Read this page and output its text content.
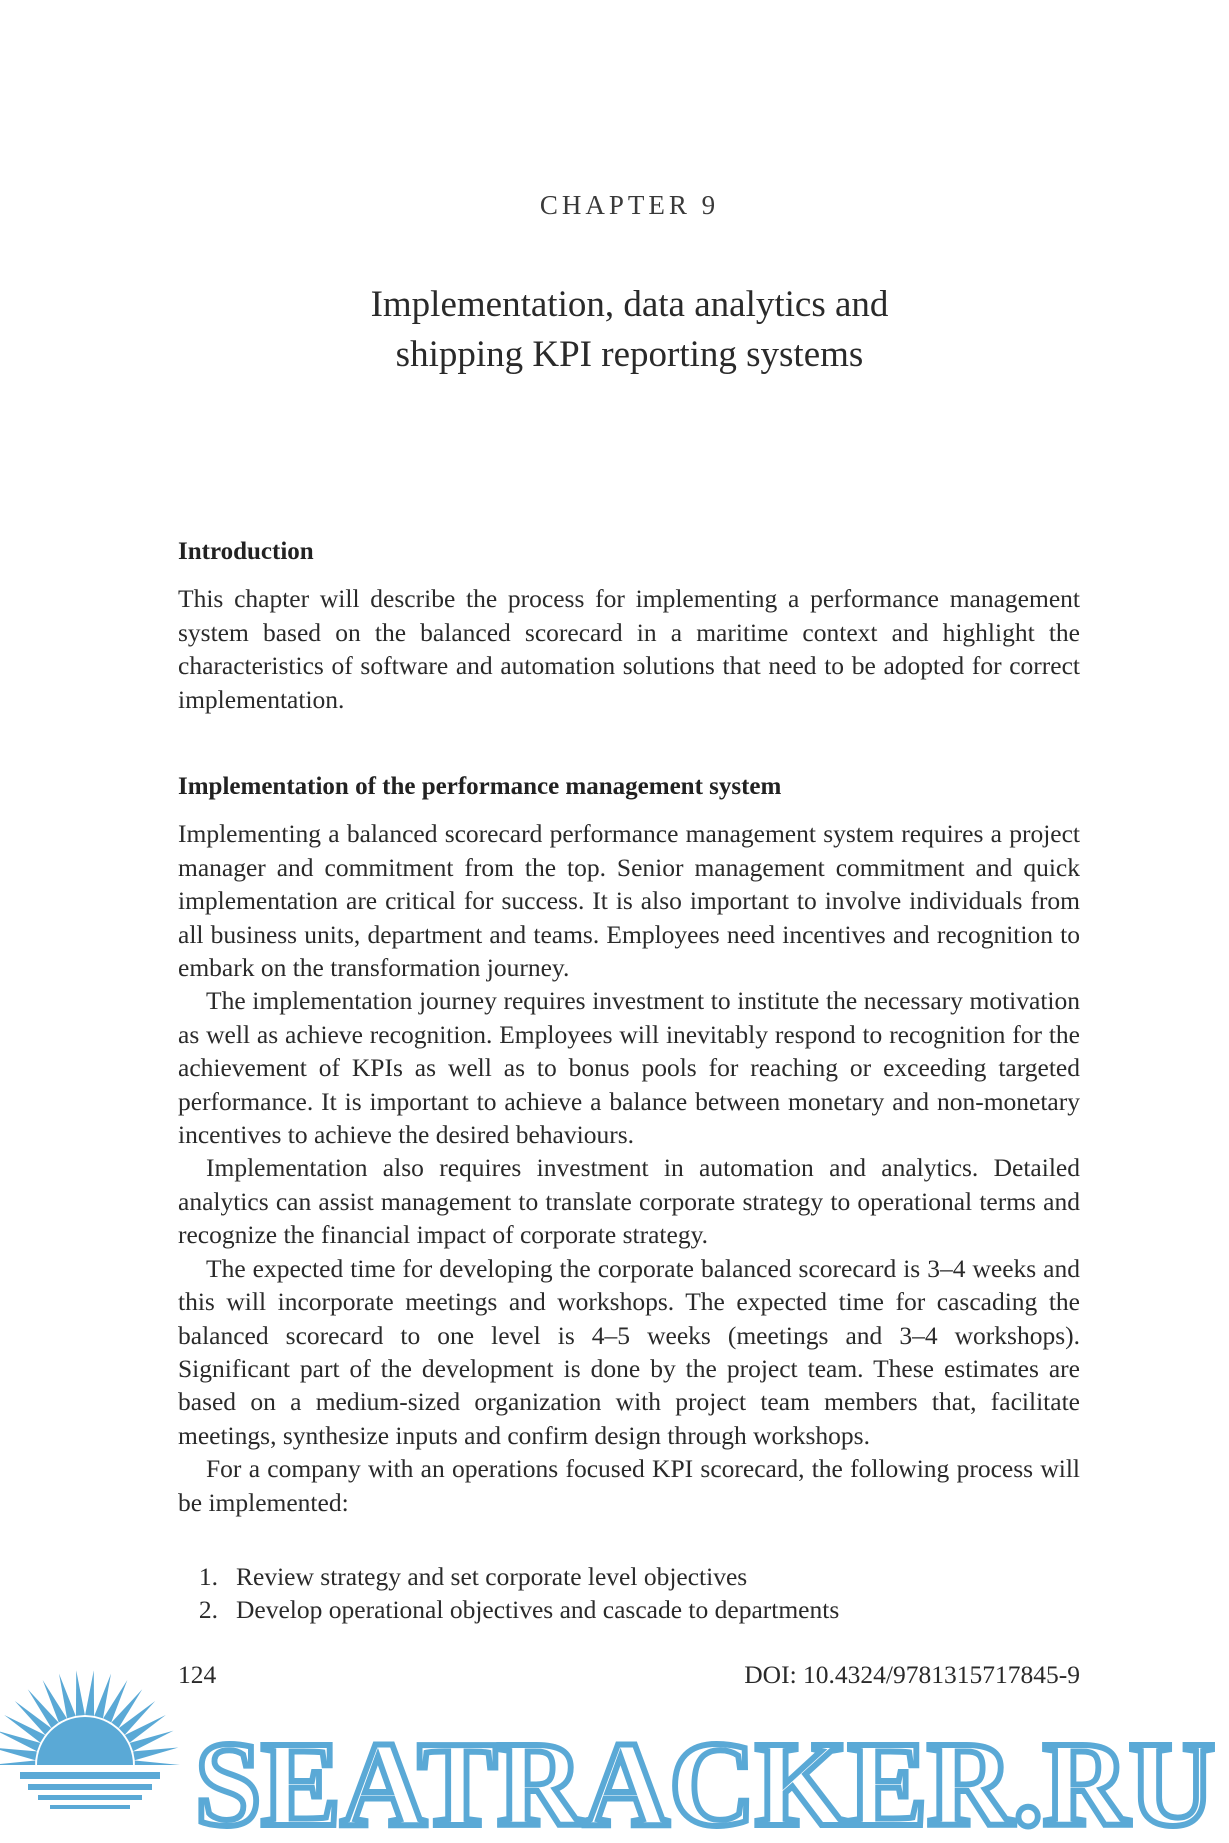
CHAPTER 9
Implementation, data analytics and
shipping KPI reporting systems
Introduction

This chapter will describe the process for implementing a performance management system based on the balanced scorecard in a maritime context and highlight the characteristics of software and automation solutions that need to be adopted for correct implementation.

Implementation of the performance management system

Implementing a balanced scorecard performance management system requires a project manager and commitment from the top. Senior management commitment and quick implementation are critical for success. It is also important to involve individuals from all business units, department and teams. Employees need incentives and recognition to embark on the transformation journey.

The implementation journey requires investment to institute the necessary motivation as well as achieve recognition. Employees will inevitably respond to recognition for the achievement of KPIs as well as to bonus pools for reaching or exceeding targeted performance. It is important to achieve a balance between monetary and non-monetary incentives to achieve the desired behaviours.

Implementation also requires investment in automation and analytics. Detailed analytics can assist management to translate corporate strategy to operational terms and recognize the financial impact of corporate strategy.

The expected time for developing the corporate balanced scorecard is 3–4 weeks and this will incorporate meetings and workshops. The expected time for cascading the balanced scorecard to one level is 4–5 weeks (meetings and 3–4 workshops). Significant part of the development is done by the project team. These estimates are based on a medium-sized organization with project team members that, facilitate meetings, synthesize inputs and confirm design through workshops.

For a company with an operations focused KPI scorecard, the following process will be implemented:

1. Review strategy and set corporate level objectives
2. Develop operational objectives and cascade to departments
124	DOI: 10.4324/9781315717845-9
SEATRACKER.RU
